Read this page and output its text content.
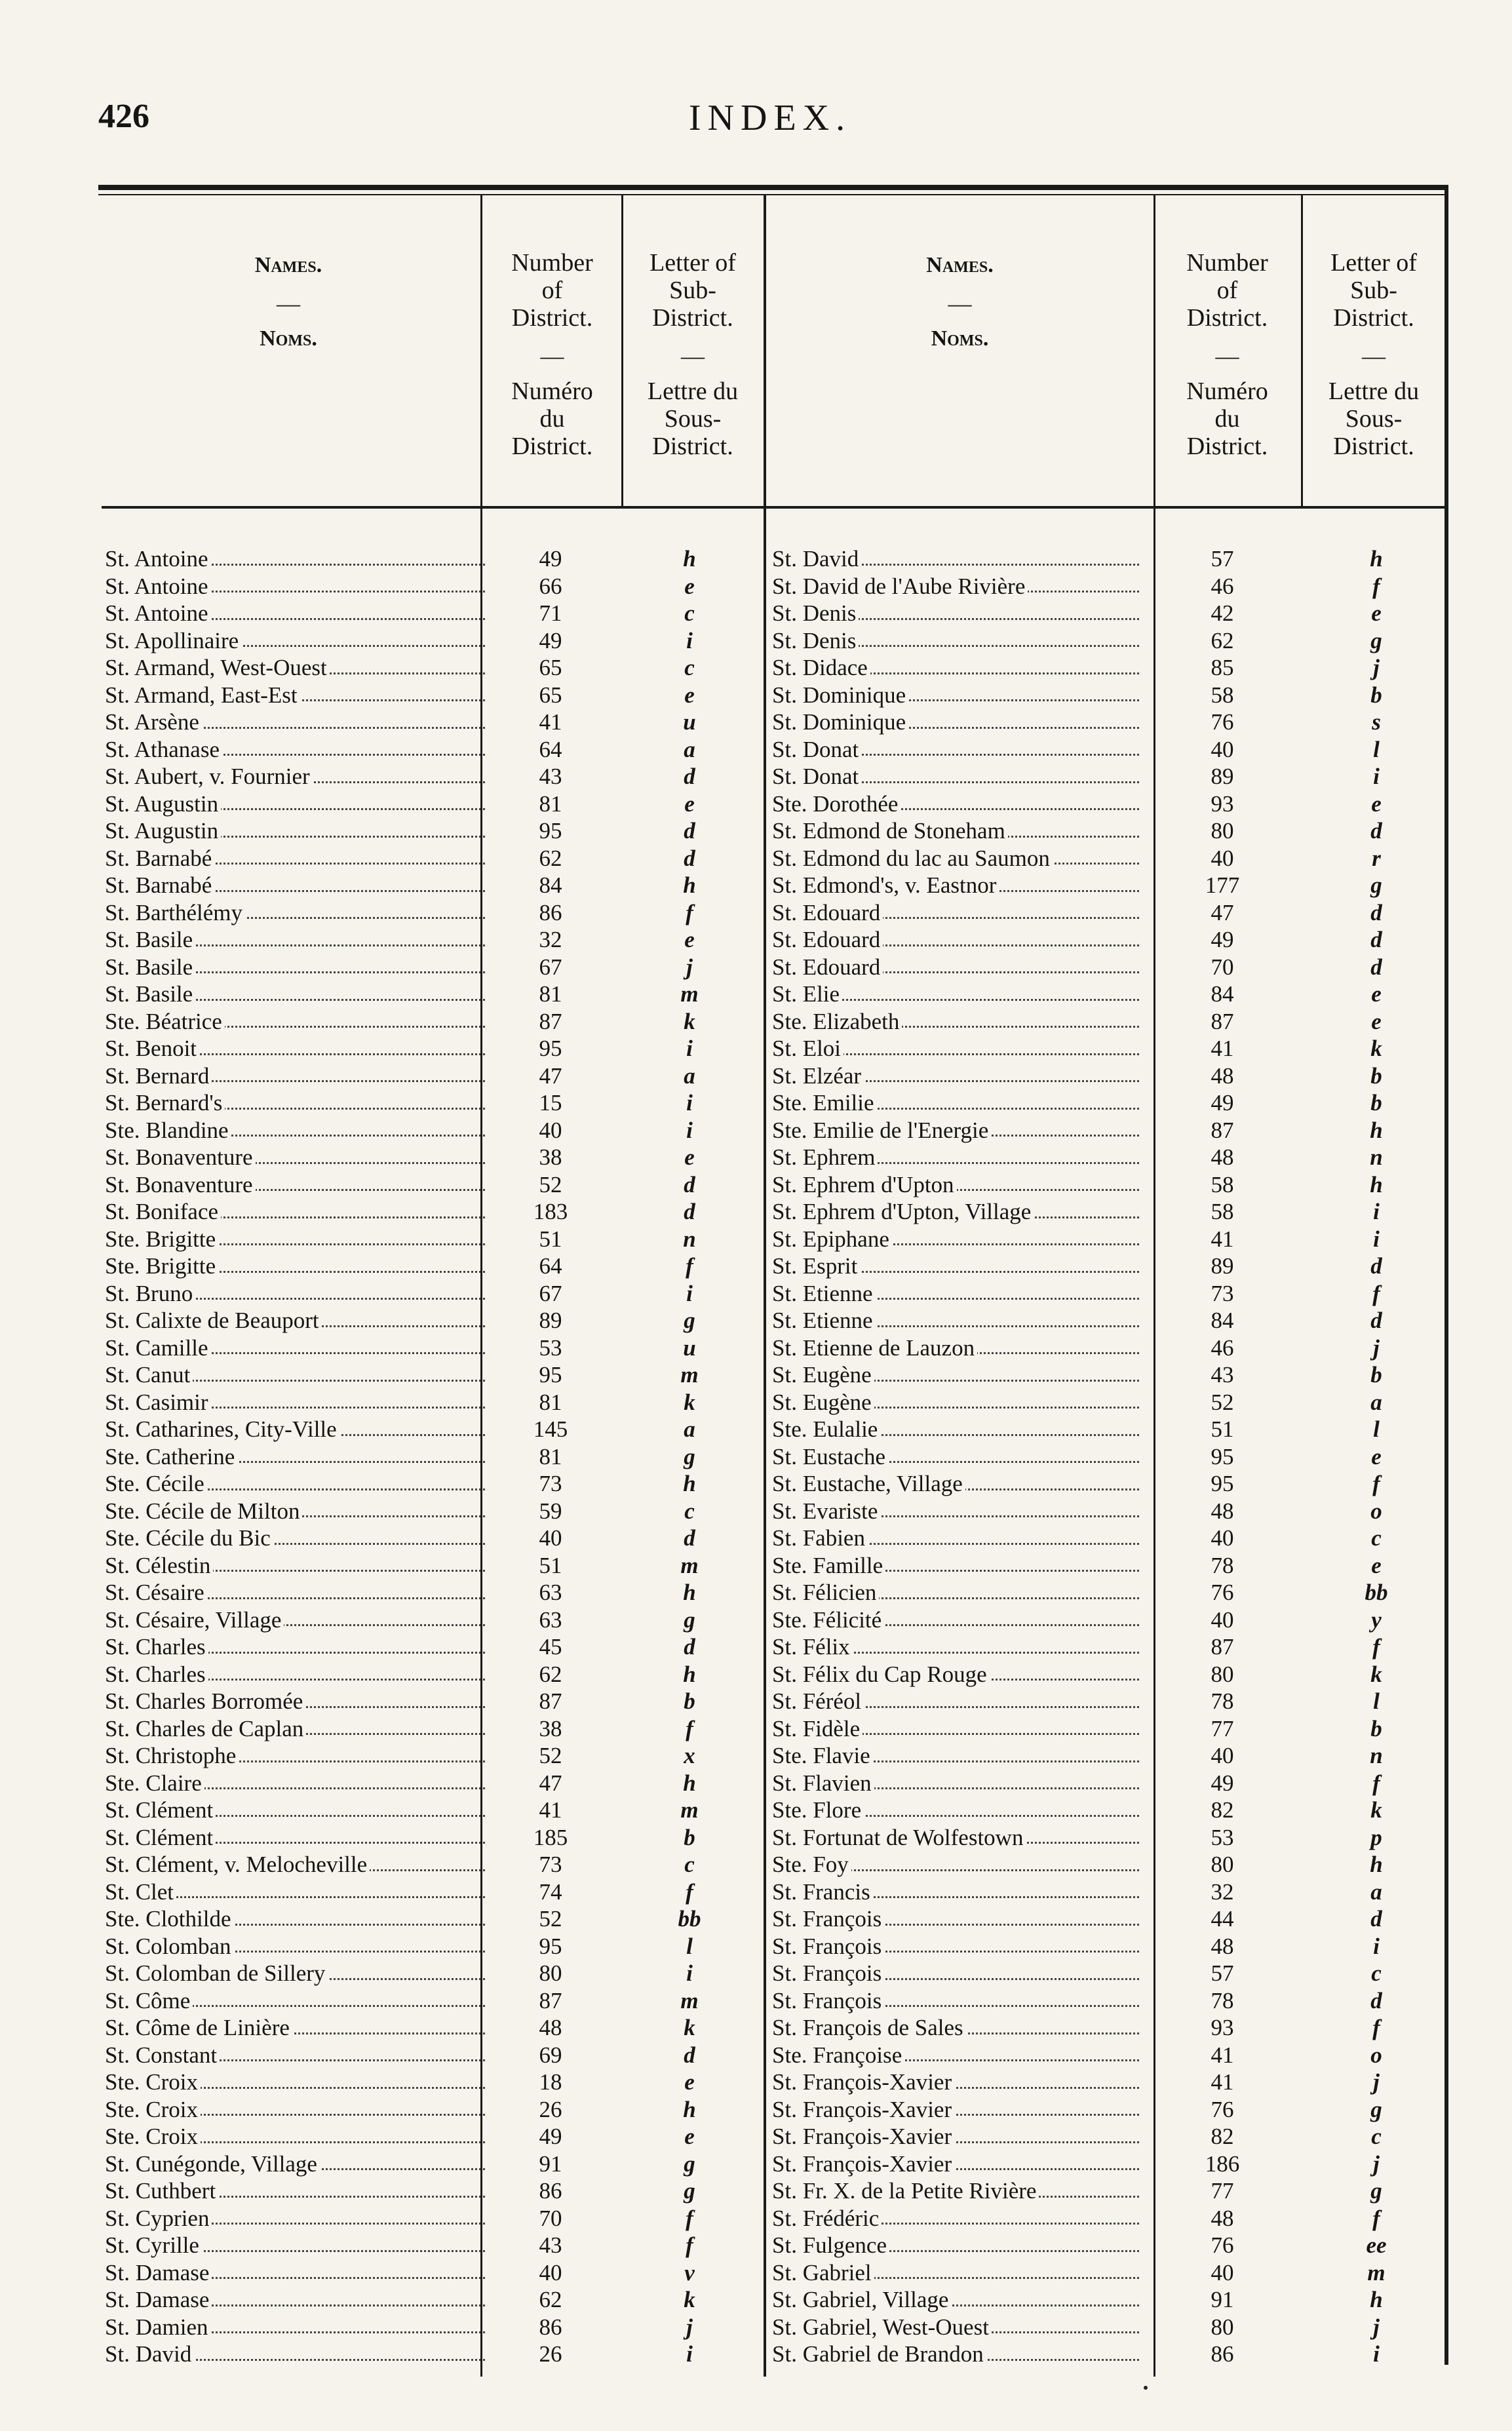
426	INDEX.
Names.
—
Noms.
Number
of
District.
—
Numéro
du
District.
Letter of
Sub-
District.
—
Lettre du
Sous-
District.
Names.
—
Noms.
Number
of
District.
—
Numéro
du
District.
Letter of
Sub-
District.
—
Lettre du
Sous-
District.
St. Antoine	49	h
St. Antoine	66	e
St. Antoine	71	c
St. Apollinaire	49	i
St. Armand, West-Ouest	65	c
St. Armand, East-Est	65	e
St. Arsène	41	u
St. Athanase	64	a
St. Aubert, v. Fournier	43	d
St. Augustin	81	e
St. Augustin	95	d
St. Barnabé	62	d
St. Barnabé	84	h
St. Barthélémy	86	f
St. Basile	32	e
St. Basile	67	j
St. Basile	81	m
Ste. Béatrice	87	k
St. Benoit	95	i
St. Bernard	47	a
St. Bernard's	15	i
Ste. Blandine	40	i
St. Bonaventure	38	e
St. Bonaventure	52	d
St. Boniface	183	d
Ste. Brigitte	51	n
Ste. Brigitte	64	f
St. Bruno	67	i
St. Calixte de Beauport	89	g
St. Camille	53	u
St. Canut	95	m
St. Casimir	81	k
St. Catharines, City-Ville	145	a
Ste. Catherine	81	g
Ste. Cécile	73	h
Ste. Cécile de Milton	59	c
Ste. Cécile du Bic	40	d
St. Célestin	51	m
St. Césaire	63	h
St. Césaire, Village	63	g
St. Charles	45	d
St. Charles	62	h
St. Charles Borromée	87	b
St. Charles de Caplan	38	f
St. Christophe	52	x
Ste. Claire	47	h
St. Clément	41	m
St. Clément	185	b
St. Clément, v. Melocheville	73	c
St. Clet	74	f
Ste. Clothilde	52	bb
St. Colomban	95	l
St. Colomban de Sillery	80	i
St. Côme	87	m
St. Côme de Linière	48	k
St. Constant	69	d
Ste. Croix	18	e
Ste. Croix	26	h
Ste. Croix	49	e
St. Cunégonde, Village	91	g
St. Cuthbert	86	g
St. Cyprien	70	f
St. Cyrille	43	f
St. Damase	40	v
St. Damase	62	k
St. Damien	86	j
St. David	26	i
St. David	57	h
St. David de l'Aube Rivière	46	f
St. Denis	42	e
St. Denis	62	g
St. Didace	85	j
St. Dominique	58	b
St. Dominique	76	s
St. Donat	40	l
St. Donat	89	i
Ste. Dorothée	93	e
St. Edmond de Stoneham	80	d
St. Edmond du lac au Saumon	40	r
St. Edmond's, v. Eastnor	177	g
St. Edouard	47	d
St. Edouard	49	d
St. Edouard	70	d
St. Elie	84	e
Ste. Elizabeth	87	e
St. Eloi	41	k
St. Elzéar	48	b
Ste. Emilie	49	b
Ste. Emilie de l'Energie	87	h
St. Ephrem	48	n
St. Ephrem d'Upton	58	h
St. Ephrem d'Upton, Village	58	i
St. Epiphane	41	i
St. Esprit	89	d
St. Etienne	73	f
St. Etienne	84	d
St. Etienne de Lauzon	46	j
St. Eugène	43	b
St. Eugène	52	a
Ste. Eulalie	51	l
St. Eustache	95	e
St. Eustache, Village	95	f
St. Evariste	48	o
St. Fabien	40	c
Ste. Famille	78	e
St. Félicien	76	bb
Ste. Félicité	40	y
St. Félix	87	f
St. Félix du Cap Rouge	80	k
St. Féréol	78	l
St. Fidèle	77	b
Ste. Flavie	40	n
St. Flavien	49	f
Ste. Flore	82	k
St. Fortunat de Wolfestown	53	p
Ste. Foy	80	h
St. Francis	32	a
St. François	44	d
St. François	48	i
St. François	57	c
St. François	78	d
St. François de Sales	93	f
Ste. Françoise	41	o
St. François-Xavier	41	j
St. François-Xavier	76	g
St. François-Xavier	82	c
St. François-Xavier	186	j
St. Fr. X. de la Petite Rivière	77	g
St. Frédéric	48	f
St. Fulgence	76	ee
St. Gabriel	40	m
St. Gabriel, Village	91	h
St. Gabriel, West-Ouest	80	j
St. Gabriel de Brandon	86	i
